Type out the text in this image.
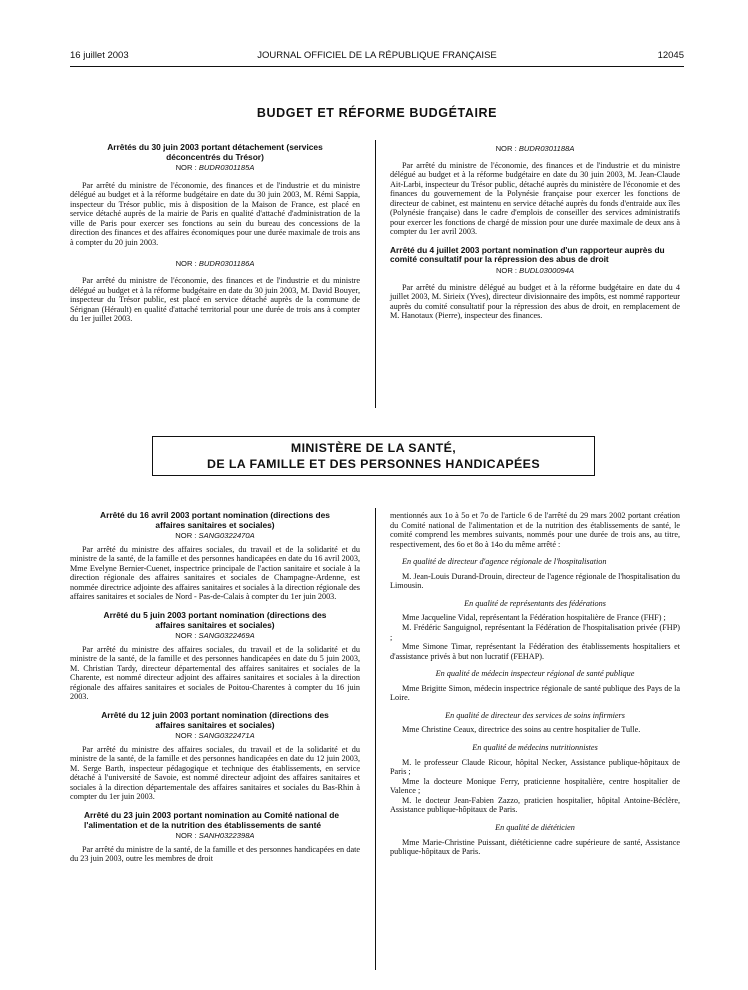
16 juillet 2003	JOURNAL OFFICIEL DE LA RÉPUBLIQUE FRANÇAISE	12045
BUDGET ET RÉFORME BUDGÉTAIRE

Arrêtés du 30 juin 2003 portant détachement (services déconcentrés du Trésor)

NOR : BUDR0301185A

Par arrêté du ministre de l'économie, des finances et de l'industrie et du ministre délégué au budget et à la réforme budgétaire en date du 30 juin 2003, M. Rémi Sappia, inspecteur du Trésor public, mis à disposition de la Maison de France, est placé en service détaché auprès de la mairie de Paris en qualité d'attaché d'administration de la ville de Paris pour exercer ses fonctions au sein du bureau des concessions de la direction des finances et des affaires économiques pour une durée maximale de trois ans à compter du 20 juin 2003.

NOR : BUDR0301186A

Par arrêté du ministre de l'économie, des finances et de l'industrie et du ministre délégué au budget et à la réforme budgétaire en date du 30 juin 2003, M. David Bouyer, inspecteur du Trésor public, est placé en service détaché auprès de la commune de Sérignan (Hérault) en qualité d'attaché territorial pour une durée de trois ans à compter du 1er juillet 2003.

NOR : BUDR0301188A

Par arrêté du ministre de l'économie, des finances et de l'industrie et du ministre délégué au budget et à la réforme budgétaire en date du 30 juin 2003, M. Jean-Claude Ait-Larbi, inspecteur du Trésor public, détaché auprès du ministère de l'économie et des finances du gouvernement de la Polynésie française pour exercer les fonctions de directeur de cabinet, est maintenu en service détaché auprès du fonds d'entraide aux îles (Polynésie française) dans le cadre d'emplois de conseiller des services administratifs pour exercer les fonctions de chargé de mission pour une durée maximale de deux ans à compter du 1er avril 2003.

Arrêté du 4 juillet 2003 portant nomination d'un rapporteur auprès du comité consultatif pour la répression des abus de droit

NOR : BUDL0300094A

Par arrêté du ministre délégué au budget et à la réforme budgétaire en date du 4 juillet 2003, M. Sirieix (Yves), directeur divisionnaire des impôts, est nommé rapporteur auprès du comité consultatif pour la répression des abus de droit, en remplacement de M. Hanotaux (Pierre), inspecteur des finances.

MINISTÈRE DE LA SANTÉ,
DE LA FAMILLE ET DES PERSONNES HANDICAPÉES

Arrêté du 16 avril 2003 portant nomination (directions des affaires sanitaires et sociales)

NOR : SANG0322470A

Par arrêté du ministre des affaires sociales, du travail et de la solidarité et du ministre de la santé, de la famille et des personnes handicapées en date du 16 avril 2003, Mme Evelyne Bernier-Cuenet, inspectrice principale de l'action sanitaire et sociale à la direction régionale des affaires sanitaires et sociales de Champagne-Ardenne, est nommée directrice adjointe des affaires sanitaires et sociales à la direction régionale des affaires sanitaires et sociales de Nord - Pas-de-Calais à compter du 1er juin 2003.

Arrêté du 5 juin 2003 portant nomination (directions des affaires sanitaires et sociales)

NOR : SANG0322469A

Par arrêté du ministre des affaires sociales, du travail et de la solidarité et du ministre de la santé, de la famille et des personnes handicapées en date du 5 juin 2003, M. Christian Tardy, directeur départemental des affaires sanitaires et sociales de la Charente, est nommé directeur adjoint des affaires sanitaires et sociales à la direction régionale des affaires sanitaires et sociales de Poitou-Charentes à compter du 16 juin 2003.

Arrêté du 12 juin 2003 portant nomination (directions des affaires sanitaires et sociales)

NOR : SANG0322471A

Par arrêté du ministre des affaires sociales, du travail et de la solidarité et du ministre de la santé, de la famille et des personnes handicapées en date du 12 juin 2003, M. Serge Barth, inspecteur pédagogique et technique des établissements, en service détaché à l'université de Savoie, est nommé directeur adjoint des affaires sanitaires et sociales à la direction départementale des affaires sanitaires et sociales du Bas-Rhin à compter du 1er juin 2003.

Arrêté du 23 juin 2003 portant nomination au Comité national de l'alimentation et de la nutrition des établissements de santé

NOR : SANH0322398A

Par arrêté du ministre de la santé, de la famille et des personnes handicapées en date du 23 juin 2003, outre les membres de droit

mentionnés aux 1o à 5o et 7o de l'article 6 de l'arrêté du 29 mars 2002 portant création du Comité national de l'alimentation et de la nutrition des établissements de santé, le comité comprend les membres suivants, nommés pour une durée de trois ans, au titre, respectivement, des 6o et 8o à 14o du même arrêté :

En qualité de directeur d'agence régionale de l'hospitalisation

M. Jean-Louis Durand-Drouin, directeur de l'agence régionale de l'hospitalisation du Limousin.

En qualité de représentants des fédérations

Mme Jacqueline Vidal, représentant la Fédération hospitalière de France (FHF) ;

M. Frédéric Sanguignol, représentant la Fédération de l'hospitalisation privée (FHP) ;

Mme Simone Timar, représentant la Fédération des établissements hospitaliers et d'assistance privés à but non lucratif (FEHAP).

En qualité de médecin inspecteur régional de santé publique

Mme Brigitte Simon, médecin inspectrice régionale de santé publique des Pays de la Loire.

En qualité de directeur des services de soins infirmiers

Mme Christine Ceaux, directrice des soins au centre hospitalier de Tulle.

En qualité de médecins nutritionnistes

M. le professeur Claude Ricour, hôpital Necker, Assistance publique-hôpitaux de Paris ;

Mme la docteure Monique Ferry, praticienne hospitalière, centre hospitalier de Valence ;

M. le docteur Jean-Fabien Zazzo, praticien hospitalier, hôpital Antoine-Béclère, Assistance publique-hôpitaux de Paris.

En qualité de diététicien

Mme Marie-Christine Puissant, diététicienne cadre supérieure de santé, Assistance publique-hôpitaux de Paris.
